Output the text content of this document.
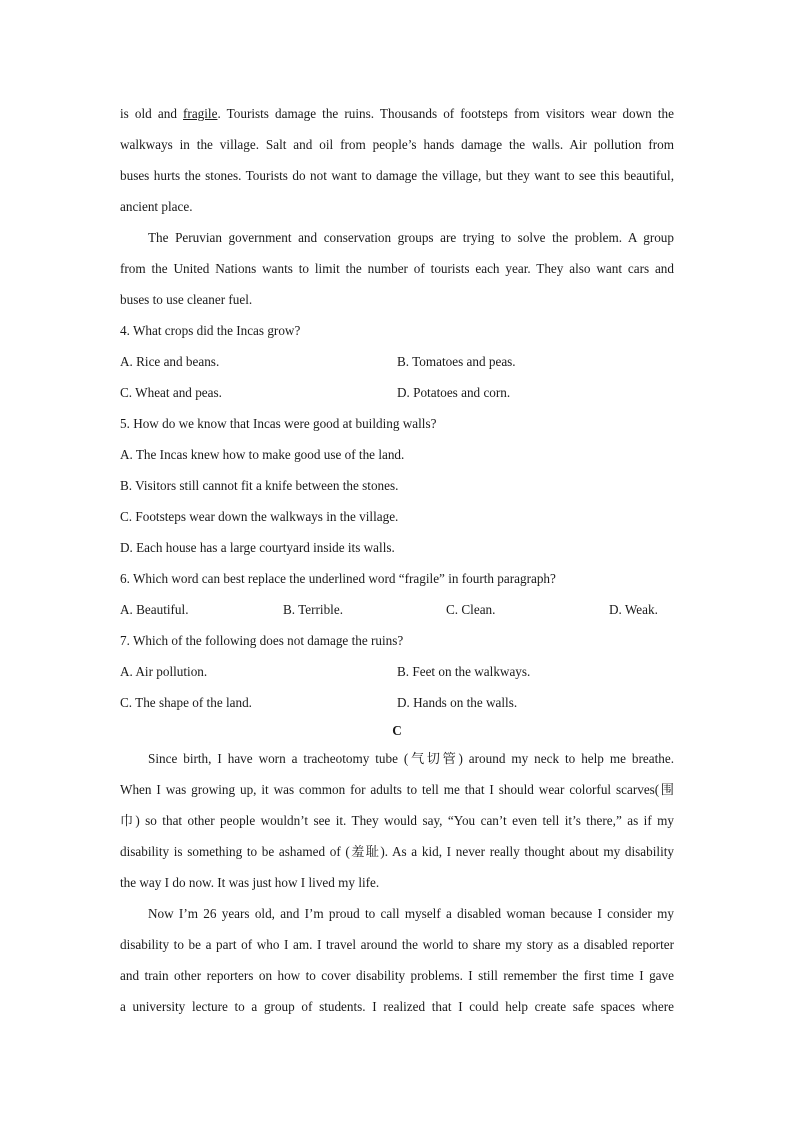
is old and fragile. Tourists damage the ruins. Thousands of footsteps from visitors wear down the
walkways in the village. Salt and oil from people’s hands damage the walls. Air pollution from
buses hurts the stones. Tourists do not want to damage the village, but they want to see this beautiful,
ancient place.
The Peruvian government and conservation groups are trying to solve the problem. A group
from the United Nations wants to limit the number of tourists each year. They also want cars and
buses to use cleaner fuel.

4. What crops did the Incas grow?

A. Rice and beans.	B. Tomatoes and peas.
C. Wheat and peas.	D. Potatoes and corn.

5. How do we know that Incas were good at building walls?

A. The Incas knew how to make good use of the land.

B. Visitors still cannot fit a knife between the stones.

C. Footsteps wear down the walkways in the village.

D. Each house has a large courtyard inside its walls.

6. Which word can best replace the underlined word “fragile” in fourth paragraph?

A. Beautiful.	B. Terrible.	C. Clean.	D. Weak.

7. Which of the following does not damage the ruins?

A. Air pollution.	B. Feet on the walkways.
C. The shape of the land.	D. Hands on the walls.
C
Since birth, I have worn a tracheotomy tube (气切管) around my neck to help me breathe.
When I was growing up, it was common for adults to tell me that I should wear colorful scarves(围
巾) so that other people wouldn’t see it. They would say, “You can’t even tell it’s there,” as if my
disability is something to be ashamed of (羞耻). As a kid, I never really thought about my disability
the way I do now. It was just how I lived my life.
Now I’m 26 years old, and I’m proud to call myself a disabled woman because I consider my
disability to be a part of who I am. I travel around the world to share my story as a disabled reporter
and train other reporters on how to cover disability problems. I still remember the first time I gave
a university lecture to a group of students. I realized that I could help create safe spaces where
